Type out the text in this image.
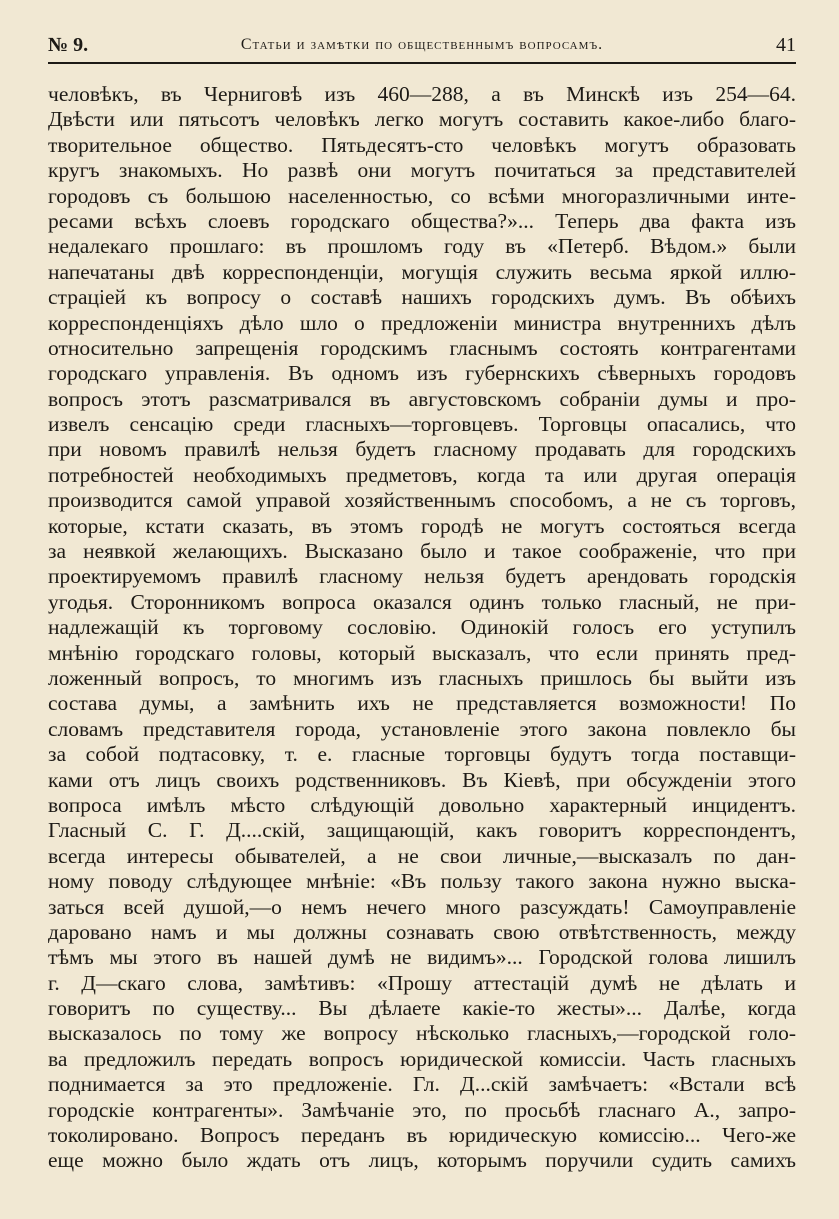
№ 9.	Статьи и замѣтки по общественнымъ вопросамъ.	41
человѣкъ, въ Черниговѣ изъ 460—288, а въ Минскѣ изъ 254—64.
Двѣсти или пятьсотъ человѣкъ легко могутъ составить какое-либо благо-
творительное общество. Пятьдесятъ-сто человѣкъ могутъ образовать
кругъ знакомыхъ. Но развѣ они могутъ почитаться за представителей
городовъ съ большою населенностью, со всѣми многоразличными инте-
ресами всѣхъ слоевъ городскаго общества?»... Теперь два факта изъ
недалекаго прошлаго: въ прошломъ году въ «Петерб. Вѣдом.» были
напечатаны двѣ корреспонденціи, могущія служить весьма яркой иллю-
страціей къ вопросу о составѣ нашихъ городскихъ думъ. Въ обѣихъ
корреспонденціяхъ дѣло шло о предложеніи министра внутреннихъ дѣлъ
относительно запрещенія городскимъ гласнымъ состоять контрагентами
городскаго управленія. Въ одномъ изъ губернскихъ сѣверныхъ городовъ
вопросъ этотъ разсматривался въ августовскомъ собраніи думы и про-
извелъ сенсацію среди гласныхъ—торговцевъ. Торговцы опасались, что
при новомъ правилѣ нельзя будетъ гласному продавать для городскихъ
потребностей необходимыхъ предметовъ, когда та или другая операція
производится самой управой хозяйственнымъ способомъ, а не съ торговъ,
которые, кстати сказать, въ этомъ городѣ не могутъ состояться всегда
за неявкой желающихъ. Высказано было и такое соображеніе, что при
проектируемомъ правилѣ гласному нельзя будетъ арендовать городскія
угодья. Сторонникомъ вопроса оказался одинъ только гласный, не при-
надлежащій къ торговому сословію. Одинокій голосъ его уступилъ
мнѣнію городскаго головы, который высказалъ, что если принять пред-
ложенный вопросъ, то многимъ изъ гласныхъ пришлось бы выйти изъ
состава думы, а замѣнить ихъ не представляется возможности! По
словамъ представителя города, установленіе этого закона повлекло бы
за собой подтасовку, т. е. гласные торговцы будутъ тогда поставщи-
ками отъ лицъ своихъ родственниковъ. Въ Кіевѣ, при обсужденіи этого
вопроса имѣлъ мѣсто слѣдующій довольно характерный инцидентъ.
Гласный С. Г. Д....скій, защищающій, какъ говоритъ корреспондентъ,
всегда интересы обывателей, а не свои личные,—высказалъ по дан-
ному поводу слѣдующее мнѣніе: «Въ пользу такого закона нужно выска-
заться всей душой,—о немъ нечего много разсуждать! Самоуправленіе
даровано намъ и мы должны сознавать свою отвѣтственность, между
тѣмъ мы этого въ нашей думѣ не видимъ»... Городской голова лишилъ
г. Д—скаго слова, замѣтивъ: «Прошу аттестацій думѣ не дѣлать и
говоритъ по существу... Вы дѣлаете какіе-то жесты»... Далѣе, когда
высказалось по тому же вопросу нѣсколько гласныхъ,—городской голо-
ва предложилъ передать вопросъ юридической комиссіи. Часть гласныхъ
поднимается за это предложеніе. Гл. Д...скій замѣчаетъ: «Встали всѣ
городскіе контрагенты». Замѣчаніе это, по просьбѣ гласнаго А., запро-
токолировано. Вопросъ переданъ въ юридическую комиссію... Чего-же
еще можно было ждать отъ лицъ, которымъ поручили судить самихъ
